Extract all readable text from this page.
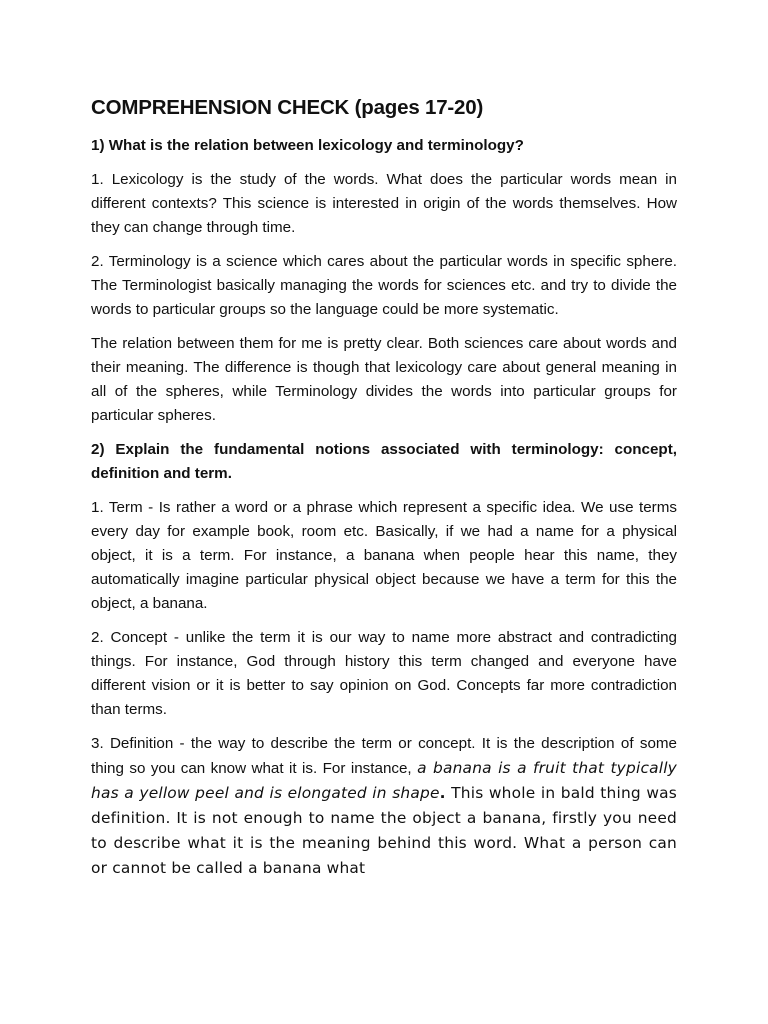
COMPREHENSION CHECK (pages 17-20)

1) What is the relation between lexicology and terminology?

1. Lexicology is the study of the words. What does the particular words mean in different contexts? This science is interested in origin of the words themselves. How they can change through time.

2. Terminology is a science which cares about the particular words in specific sphere. The Terminologist basically managing the words for sciences etc. and try to divide the words to particular groups so the language could be more systematic.

The relation between them for me is pretty clear. Both sciences care about words and their meaning. The difference is though that lexicology care about general meaning in all of the spheres, while Terminology divides the words into particular groups for particular spheres.

2) Explain the fundamental notions associated with terminology: concept, definition and term.

1. Term - Is rather a word or a phrase which represent a specific idea. We use terms every day for example book, room etc. Basically, if we had a name for a physical object, it is a term. For instance, a banana when people hear this name, they automatically imagine particular physical object because we have a term for this the object, a banana.

2. Concept - unlike the term it is our way to name more abstract and contradicting things. For instance, God through history this term changed and everyone have different vision or it is better to say opinion on God. Concepts far more contradiction than terms.

3. Definition - the way to describe the term or concept. It is the description of some thing so you can know what it is. For instance, a banana is a fruit that typically has a yellow peel and is elongated in shape. This whole in bald thing was definition. It is not enough to name the object a banana, firstly you need to describe what it is the meaning behind this word. What a person can or cannot be called a banana what
